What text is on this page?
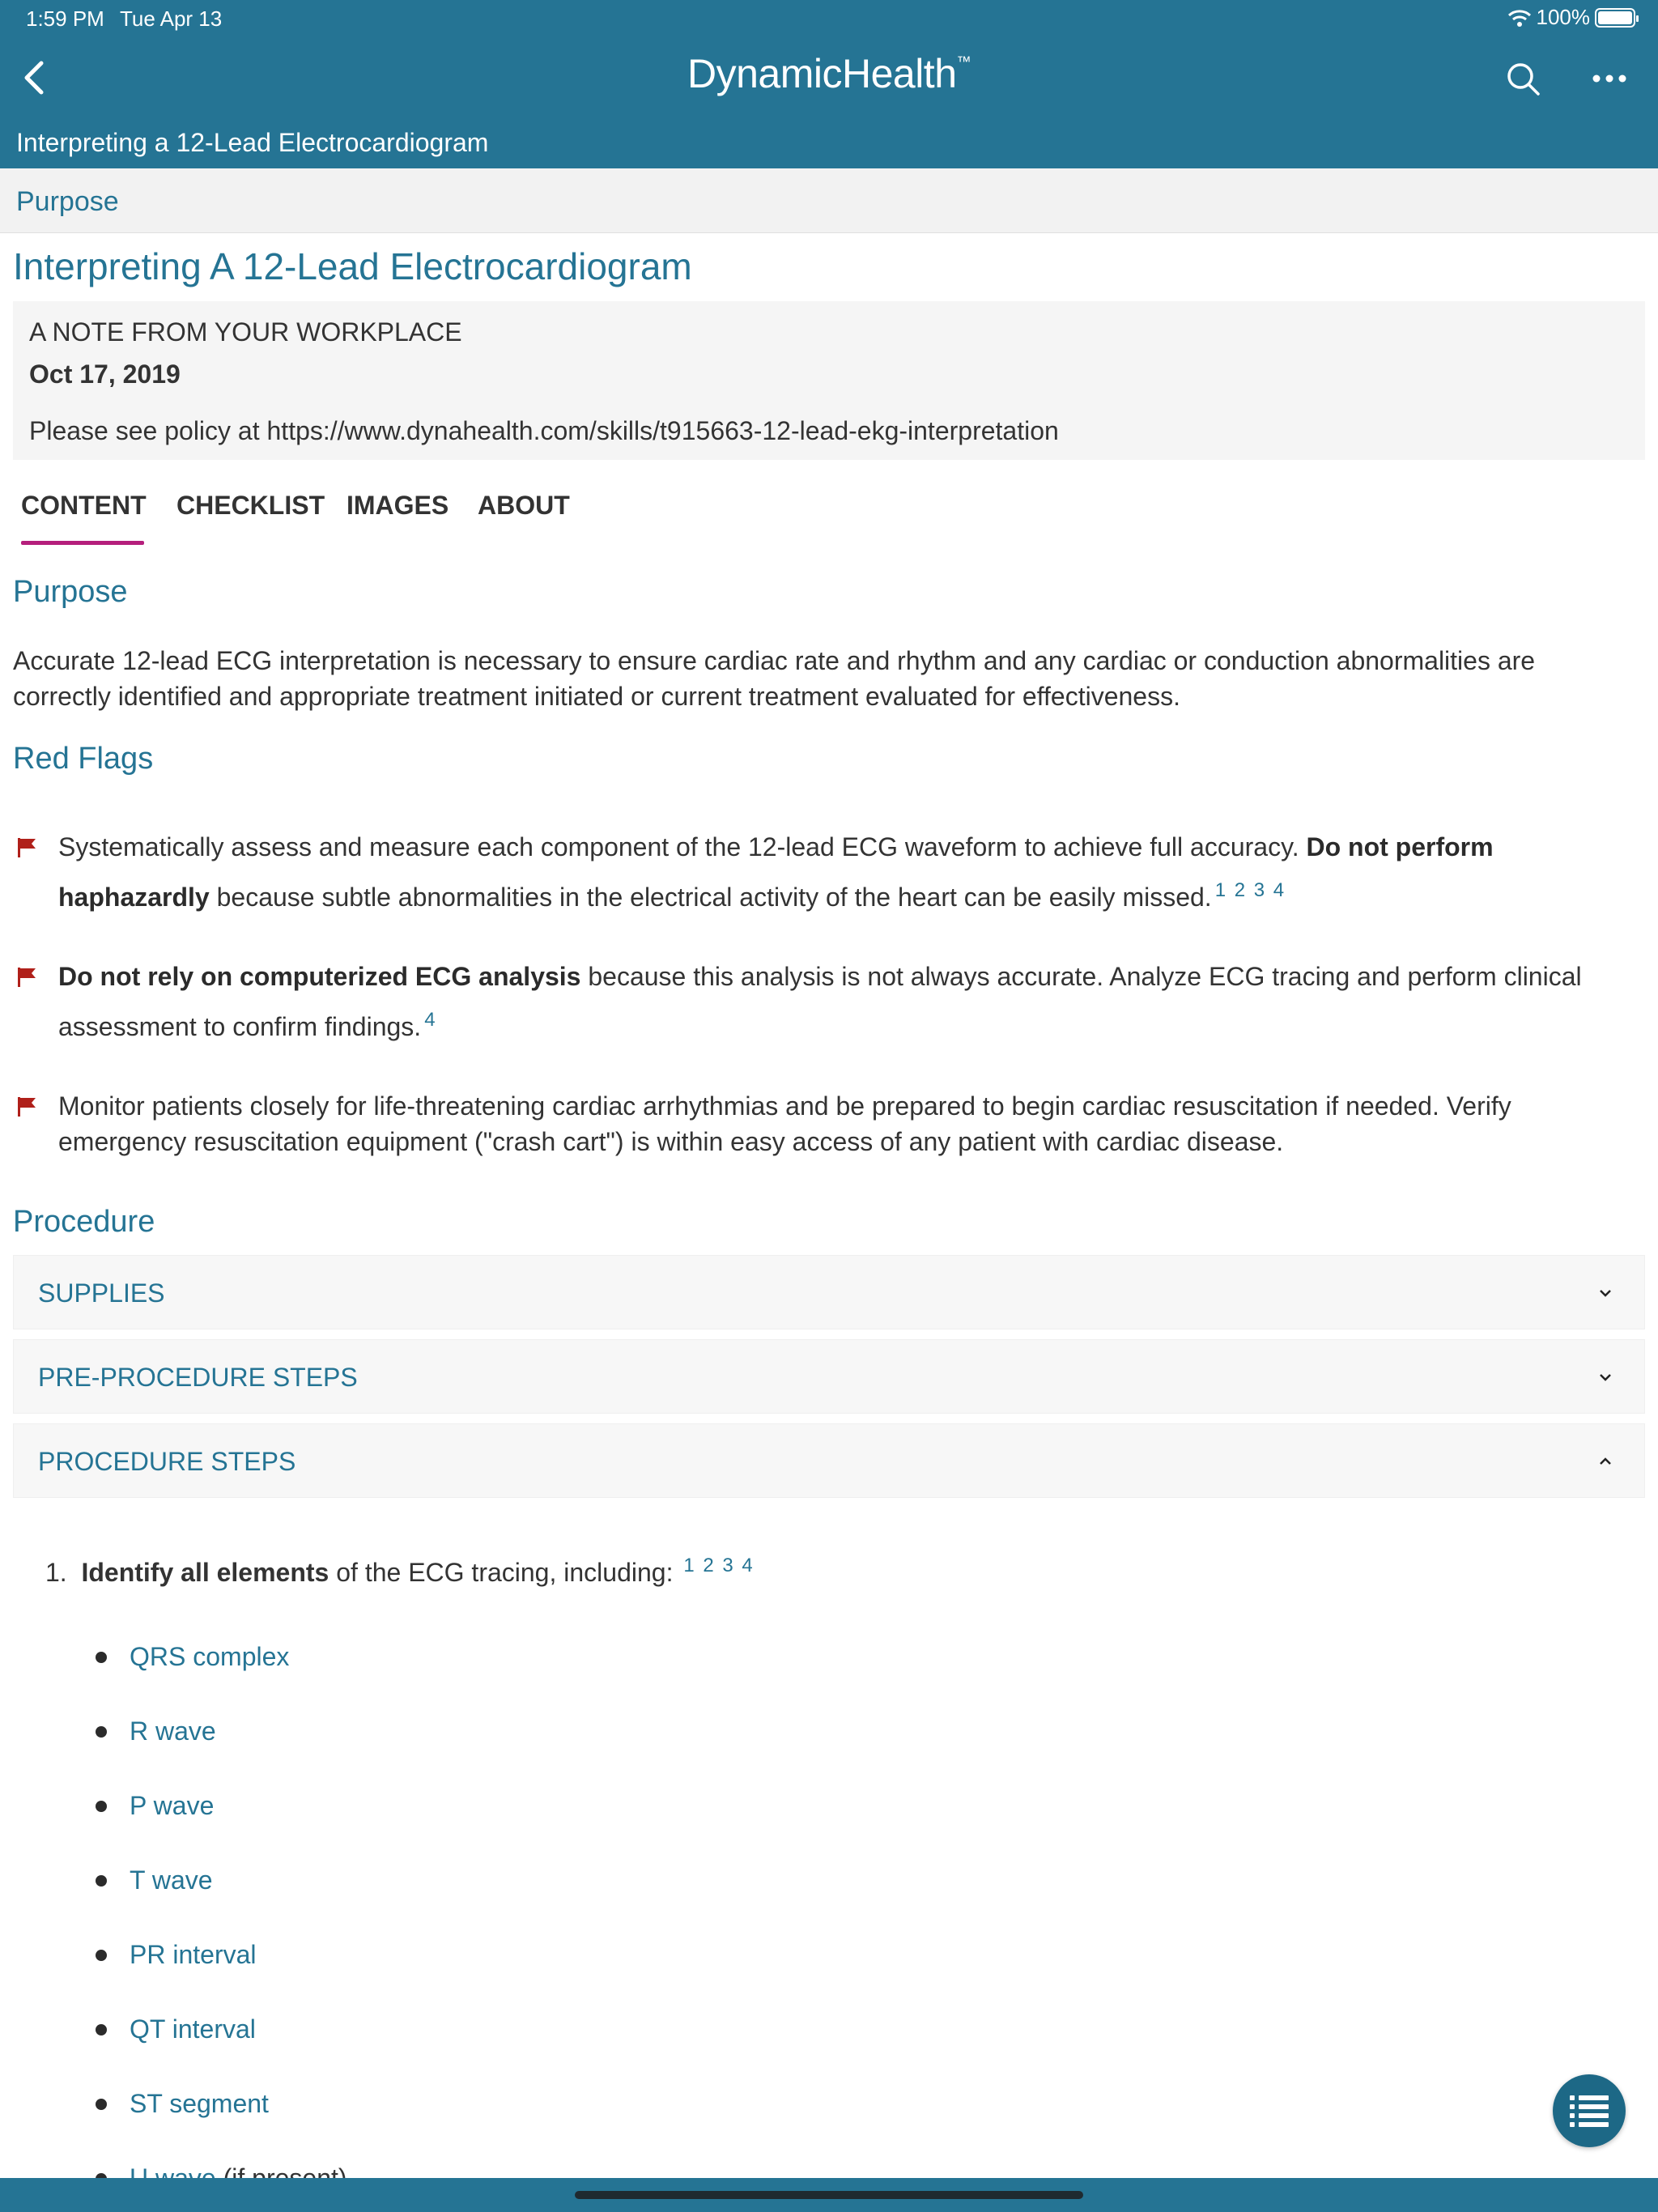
1:59 PM Tue Apr 13	100%
DynamicHealth™
Interpreting a 12-Lead Electrocardiogram
Purpose
Interpreting A 12-Lead Electrocardiogram
A NOTE FROM YOUR WORKPLACE
Oct 17, 2019
Please see policy at https://www.dynahealth.com/skills/t915663-12-lead-ekg-interpretation
CONTENT CHECKLIST IMAGES ABOUT
Purpose
Accurate 12-lead ECG interpretation is necessary to ensure cardiac rate and rhythm and any cardiac or conduction abnormalities are correctly identified and appropriate treatment initiated or current treatment evaluated for effectiveness.
Red Flags
Systematically assess and measure each component of the 12-lead ECG waveform to achieve full accuracy. Do not perform haphazardly because subtle abnormalities in the electrical activity of the heart can be easily missed. $^{1 2 3 4}$
Do not rely on computerized ECG analysis because this analysis is not always accurate. Analyze ECG tracing and perform clinical assessment to confirm findings. $^4$
Monitor patients closely for life-threatening cardiac arrhythmias and be prepared to begin cardiac resuscitation if needed. Verify emergency resuscitation equipment ("crash cart") is within easy access of any patient with cardiac disease.
Procedure
SUPPLIES
PRE-PROCEDURE STEPS
PROCEDURE STEPS
1. Identify all elements of the ECG tracing, including: $^{1 2 3 4}$
QRS complex
R wave
P wave
T wave
PR interval
QT interval
ST segment
